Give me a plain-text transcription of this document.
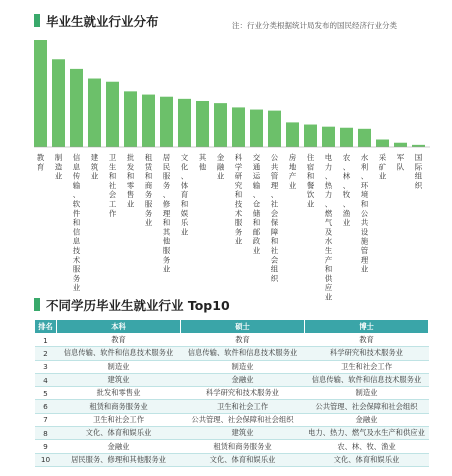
毕业生就业行业分布	注：行业分类根据统计局发布的国民经济行业分类
教育
制造业
信息传输、软件和信息技术服务业
建筑业
卫生和社会工作
批发和零售业
租赁和商务服务业
居民服务、修理和其他服务业
文化、体育和娱乐业
其他
金融业
科学研究和技术服务业
交通运输、仓储和邮政业
公共管理、社会保障和社会组织
房地产业
住宿和餐饮业
电力、热力、燃气及水生产和供应业
农、林、牧、渔业
水利、环境和公共设施管理业
采矿业
军队
国际组织
不同学历毕业生就业行业 Top10
排名	本科	硕士	博士
1	教育	教育	教育
2	信息传输、软件和信息技术服务业	信息传输、软件和信息技术服务业	科学研究和技术服务业
3	制造业	制造业	卫生和社会工作
4	建筑业	金融业	信息传输、软件和信息技术服务业
5	批发和零售业	科学研究和技术服务业	制造业
6	租赁和商务服务业	卫生和社会工作	公共管理、社会保障和社会组织
7	卫生和社会工作	公共管理、社会保障和社会组织	金融业
8	文化、体育和娱乐业	建筑业	电力、热力、燃气及水生产和供应业
9	金融业	租赁和商务服务业	农、林、牧、渔业
10	居民服务、修理和其他服务业	文化、体育和娱乐业	文化、体育和娱乐业
